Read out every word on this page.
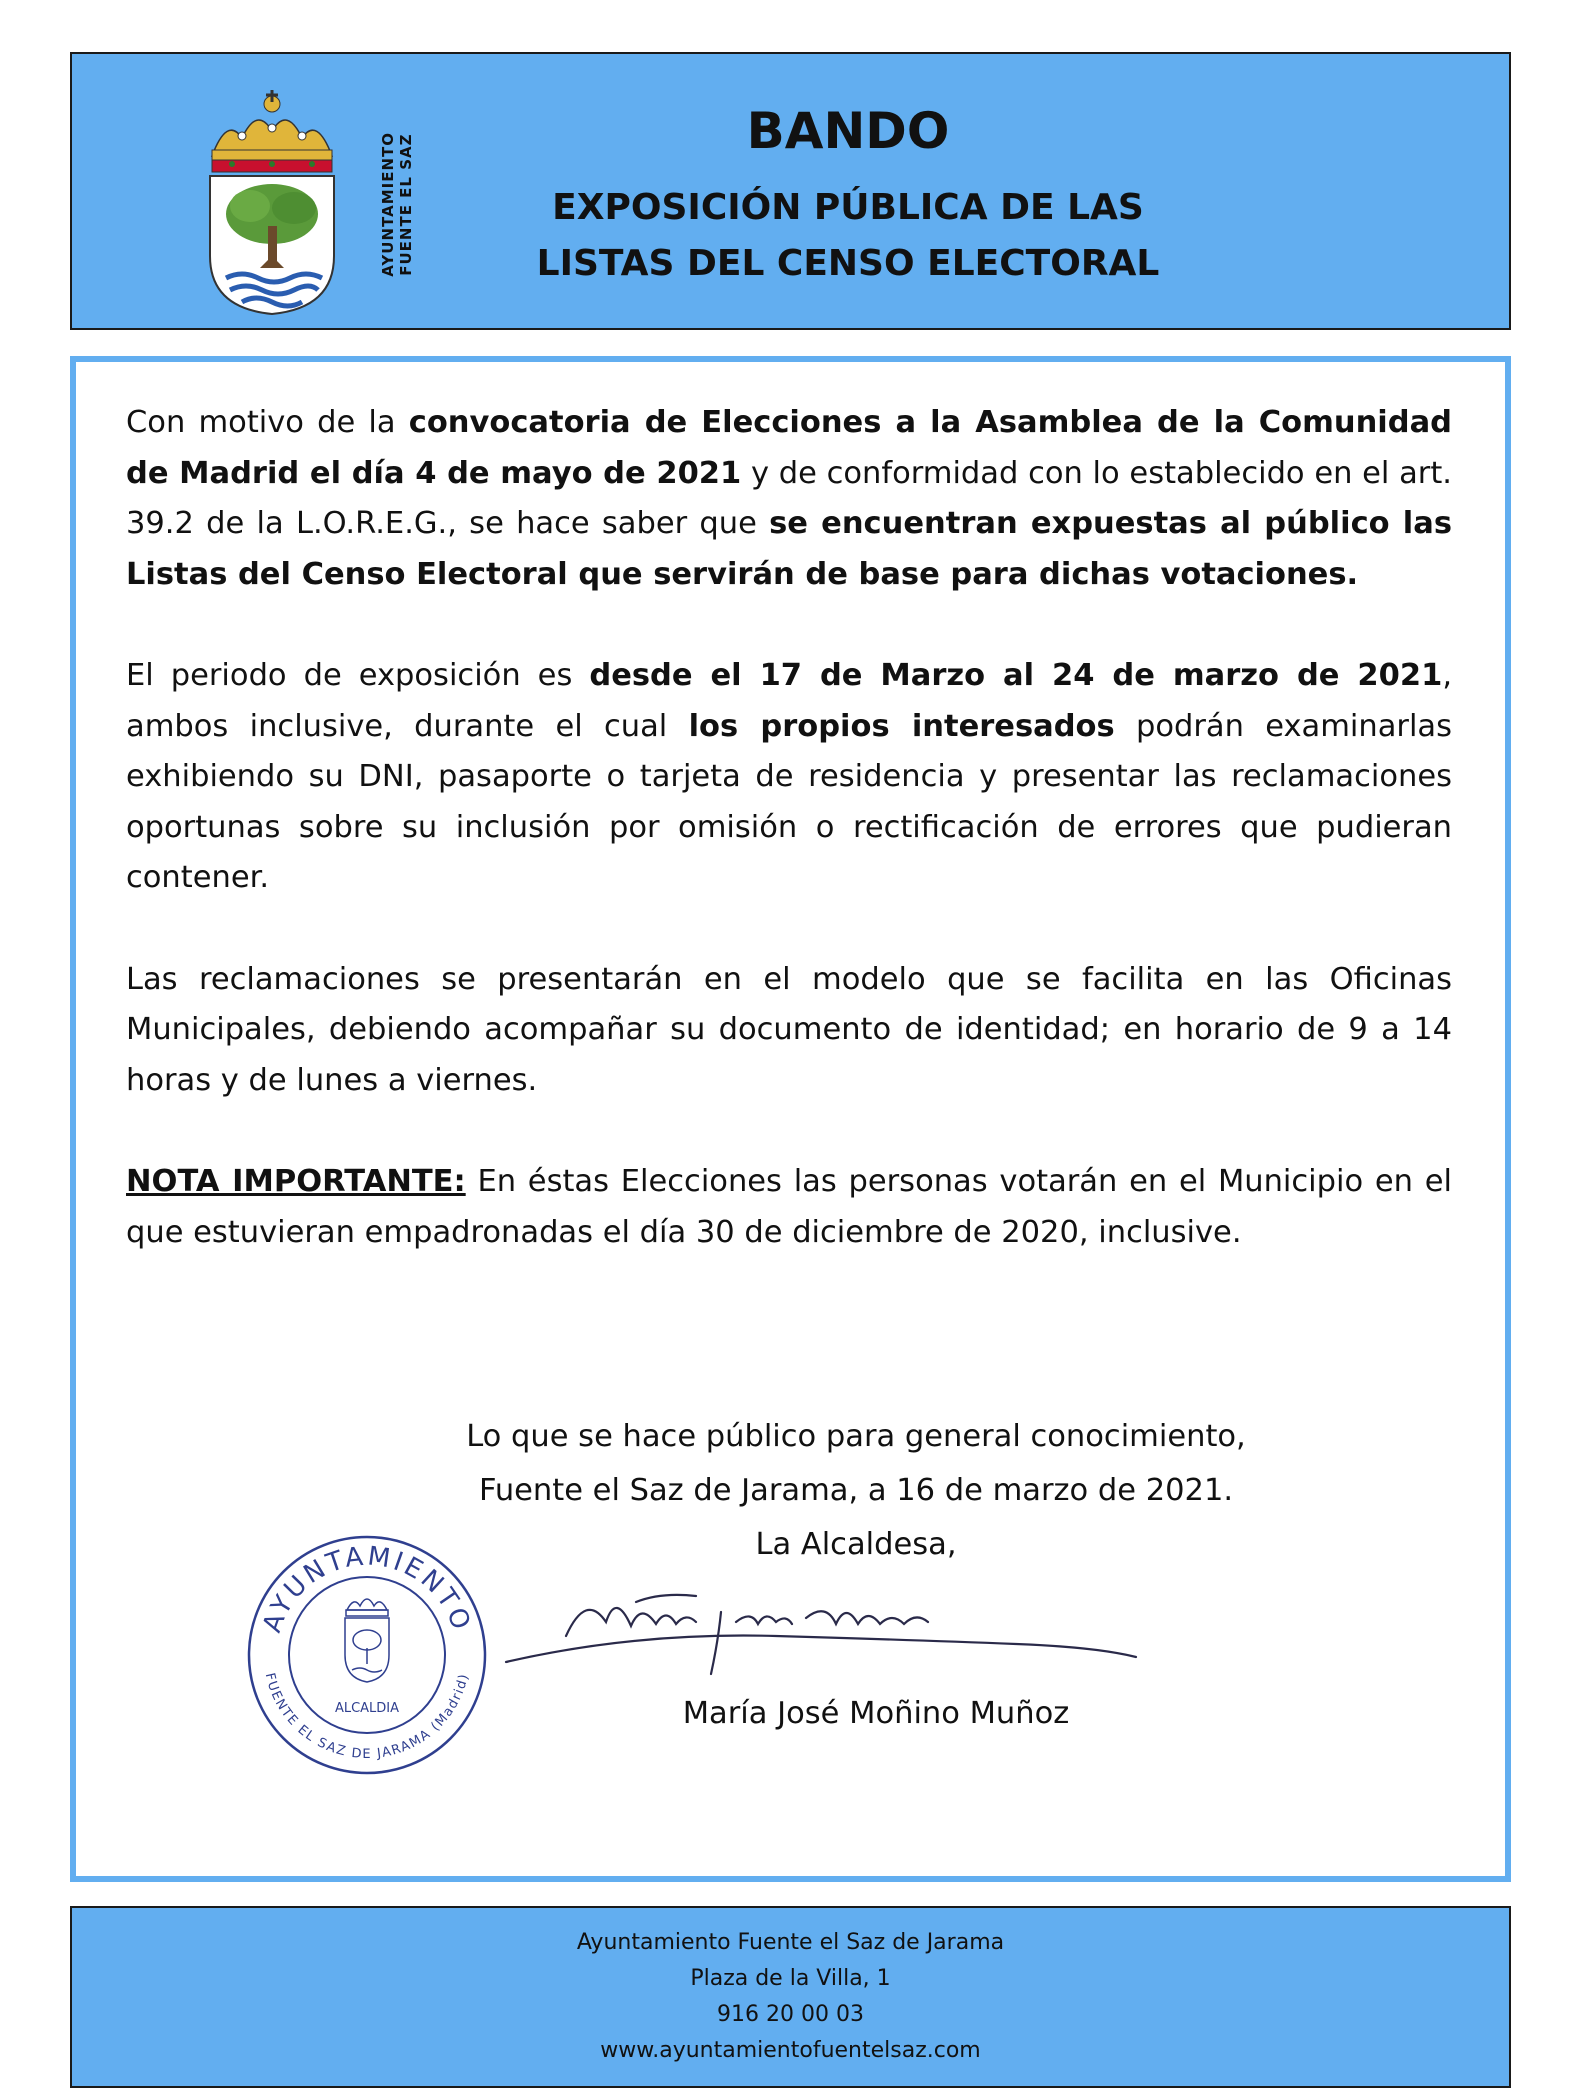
AYUNTAMIENTO
FUENTE EL SAZ	BANDO
EXPOSICIÓN PÚBLICA DE LAS
LISTAS DEL CENSO ELECTORAL

Con motivo de la convocatoria de Elecciones a la Asamblea de la Comunidad de Madrid el día 4 de mayo de 2021 y de conformidad con lo establecido en el art. 39.2 de la L.O.R.E.G., se hace saber que se encuentran expuestas al público las Listas del Censo Electoral que servirán de base para dichas votaciones.

El periodo de exposición es desde el 17 de Marzo al 24 de marzo de 2021, ambos inclusive, durante el cual los propios interesados podrán examinarlas exhibiendo su DNI, pasaporte o tarjeta de residencia y presentar las reclamaciones oportunas sobre su inclusión por omisión o rectificación de errores que pudieran contener.

Las reclamaciones se presentarán en el modelo que se facilita en las Oficinas Municipales, debiendo acompañar su documento de identidad; en horario de 9 a 14 horas y de lunes a viernes.

NOTA IMPORTANTE: En éstas Elecciones las personas votarán en el Municipio en el que estuvieran empadronadas el día 30 de diciembre de 2020, inclusive.

Lo que se hace público para general conocimiento,
Fuente el Saz de Jarama, a 16 de marzo de 2021.
La Alcaldesa,
AYUNTAMIENTO
FUENTE EL SAZ DE JARAMA (Madrid)
ALCALDIA	María José Moñino Muñoz
Ayuntamiento Fuente el Saz de Jarama
Plaza de la Villa, 1
916 20 00 03
www.ayuntamientofuentelsaz.com
